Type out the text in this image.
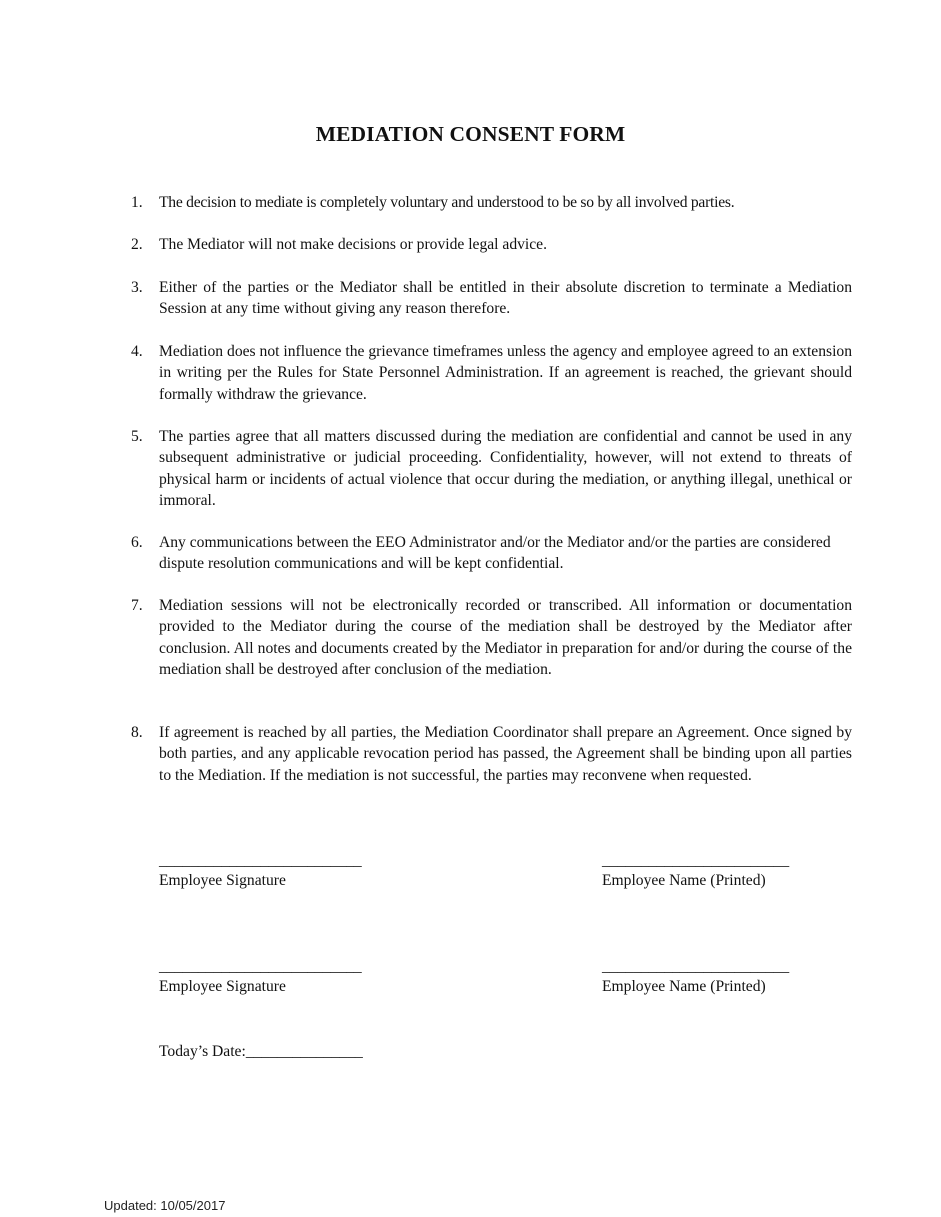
MEDIATION CONSENT FORM
1.	The decision to mediate is completely voluntary and understood to be so by all involved parties.
2.	The Mediator will not make decisions or provide legal advice.
3.	Either of the parties or the Mediator shall be entitled in their absolute discretion to terminate a Mediation Session at any time without giving any reason therefore.
4.	Mediation does not influence the grievance timeframes unless the agency and employee agreed to an extension in writing per the Rules for State Personnel Administration. If an agreement is reached, the grievant should formally withdraw the grievance.
5.	The parties agree that all matters discussed during the mediation are confidential and cannot be used in any subsequent administrative or judicial proceeding. Confidentiality, however, will not extend to threats of physical harm or incidents of actual violence that occur during the mediation, or anything illegal, unethical or immoral.
6.	Any communications between the EEO Administrator and/or the Mediator and/or the parties are considered dispute resolution communications and will be kept confidential.
7.	Mediation sessions will not be electronically recorded or transcribed. All information or documentation provided to the Mediator during the course of the mediation shall be destroyed by the Mediator after conclusion. All notes and documents created by the Mediator in preparation for and/or during the course of the mediation shall be destroyed after conclusion of the mediation.
8.	If agreement is reached by all parties, the Mediation Coordinator shall prepare an Agreement. Once signed by both parties, and any applicable revocation period has passed, the Agreement shall be binding upon all parties to the Mediation. If the mediation is not successful, the parties may reconvene when requested.
__________________________
Employee Signature
________________________
Employee Name (Printed)
__________________________
Employee Signature
________________________
Employee Name (Printed)
Today’s Date:_______________
Updated: 10/05/2017
